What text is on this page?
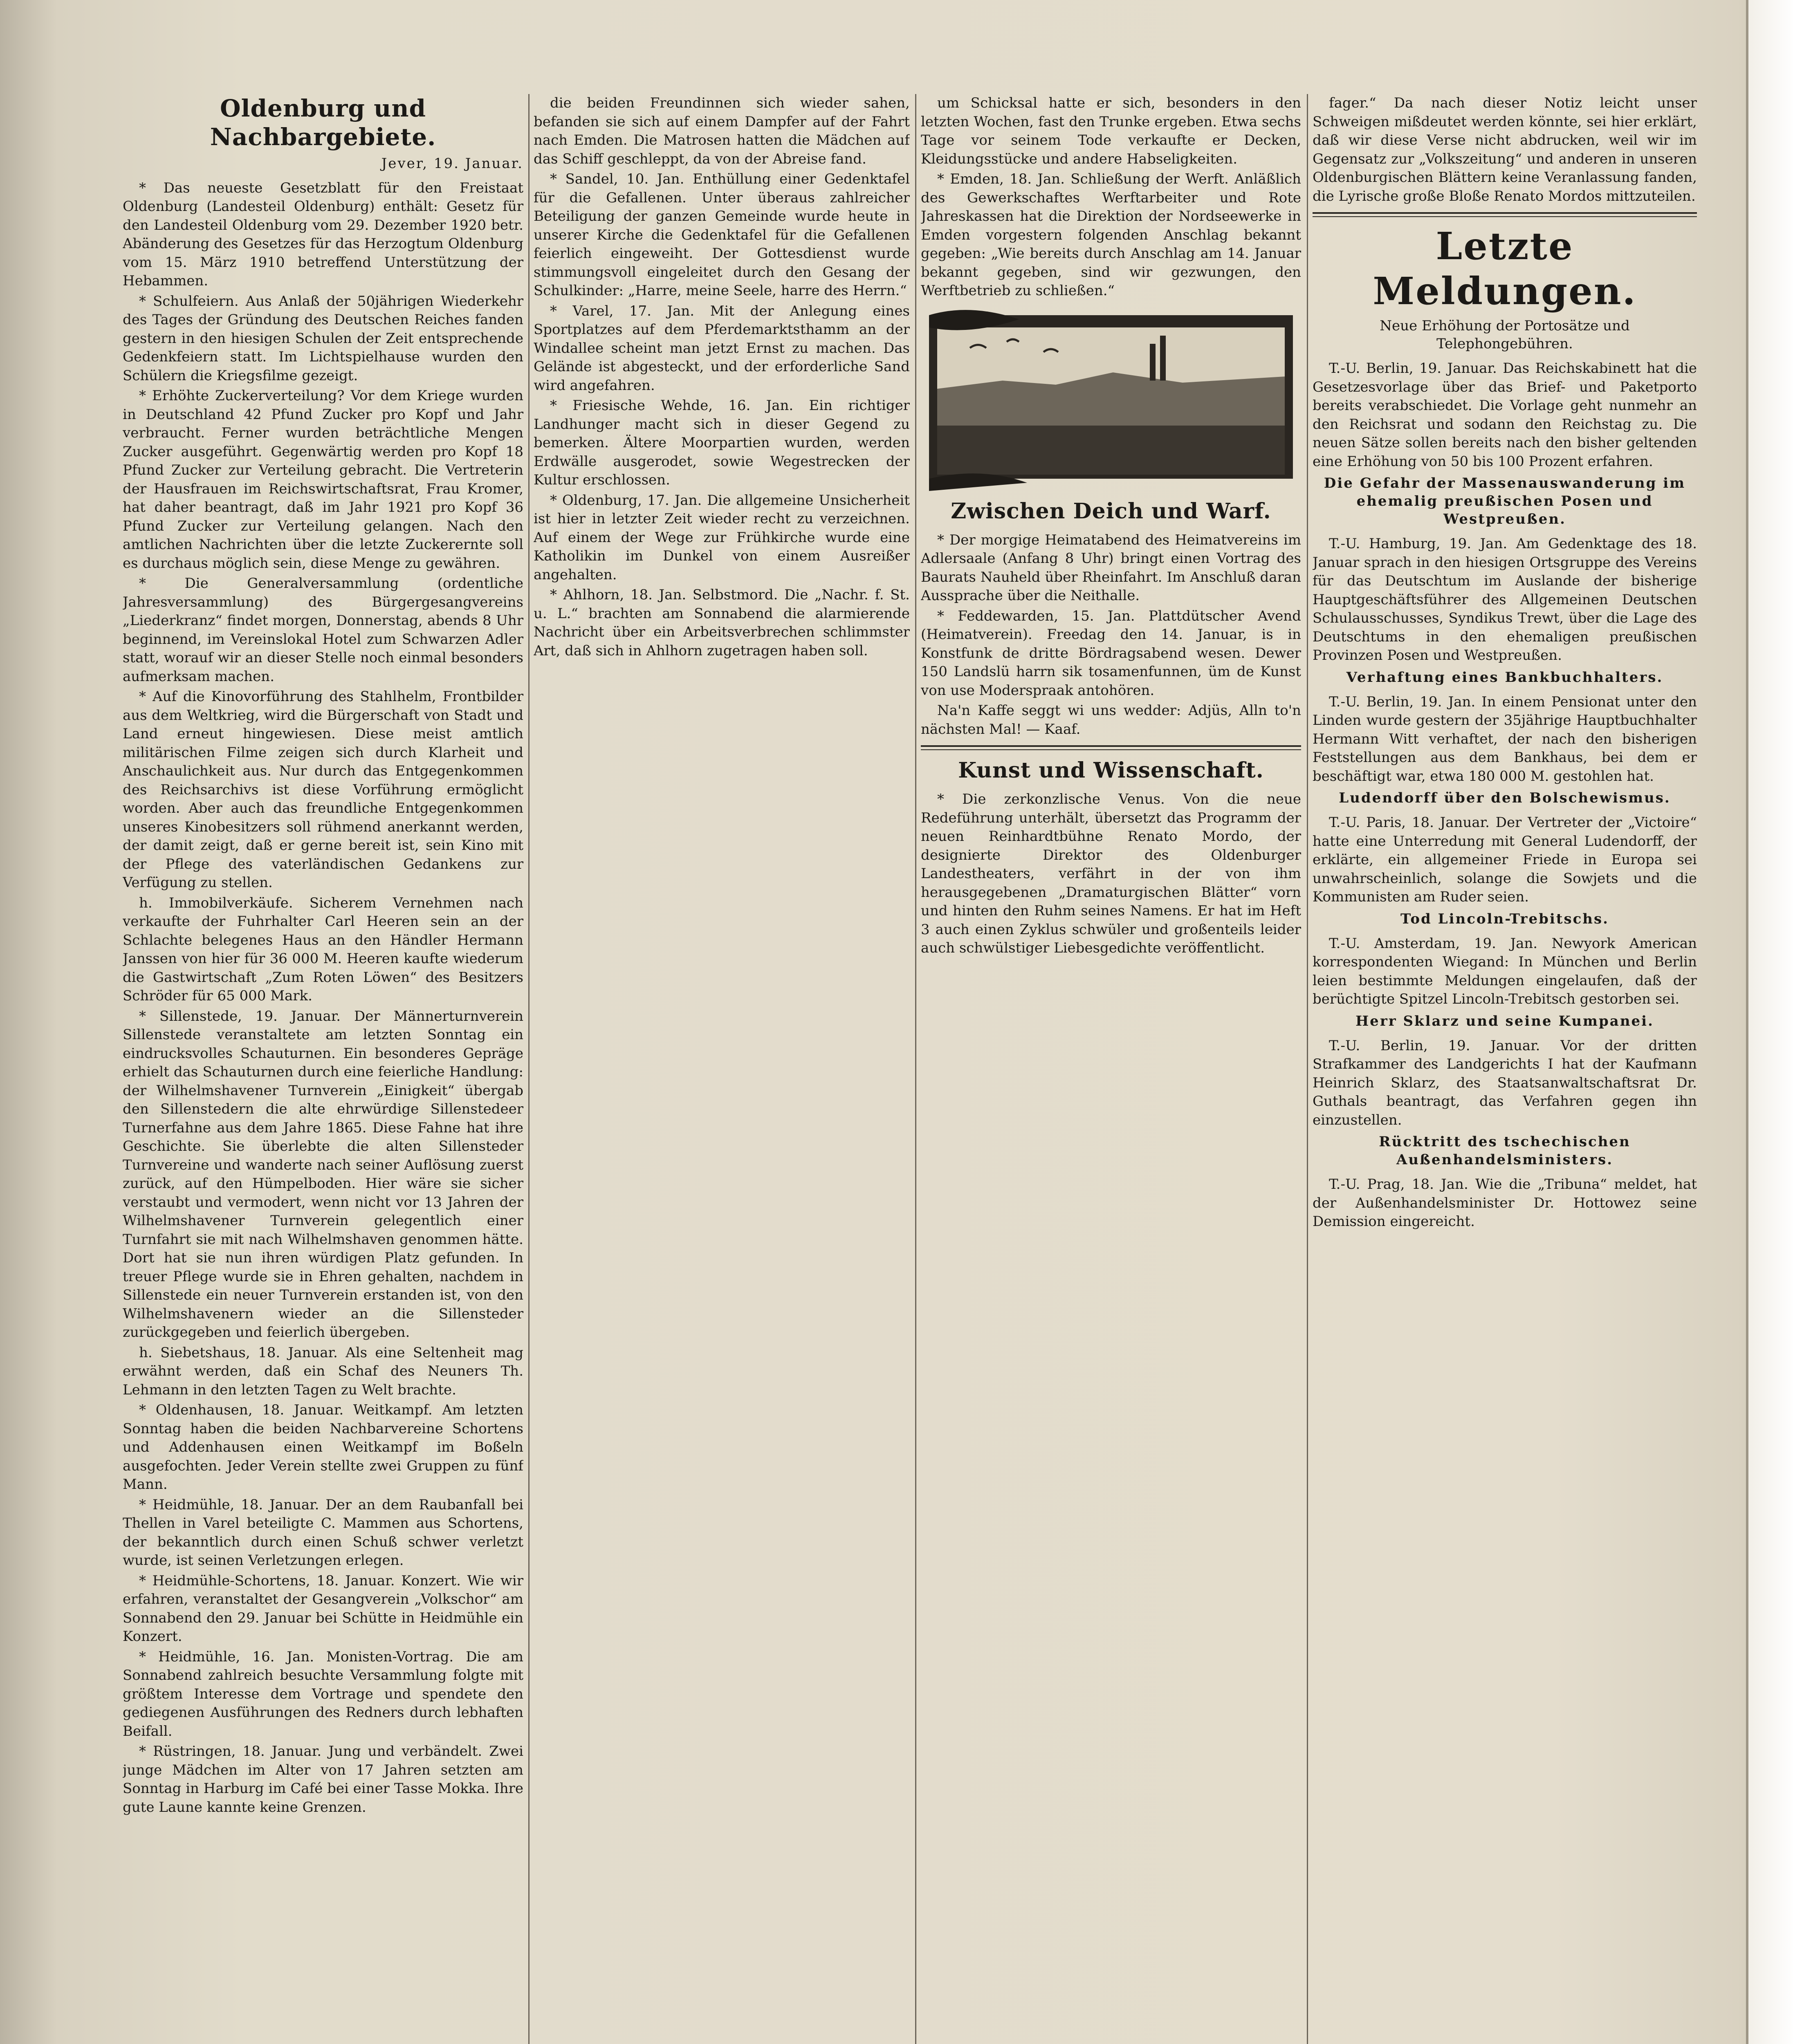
Oldenburg und Nachbargebiete.
Jever, 19. Januar.

* Das neueste Gesetzblatt für den Freistaat Oldenburg (Landesteil Oldenburg) enthält: Gesetz für den Landesteil Oldenburg vom 29. Dezember 1920 betr. Abänderung des Gesetzes für das Herzogtum Oldenburg vom 15. März 1910 betreffend Unterstützung der Hebammen.

* Schulfeiern. Aus Anlaß der 50jährigen Wiederkehr des Tages der Gründung des Deutschen Reiches fanden gestern in den hiesigen Schulen der Zeit entsprechende Gedenkfeiern statt. Im Lichtspielhause wurden den Schülern die Kriegsfilme gezeigt.

* Erhöhte Zuckerverteilung? Vor dem Kriege wurden in Deutschland 42 Pfund Zucker pro Kopf und Jahr verbraucht. Ferner wurden beträchtliche Mengen Zucker ausgeführt. Gegenwärtig werden pro Kopf 18 Pfund Zucker zur Verteilung gebracht. Die Vertreterin der Hausfrauen im Reichswirtschaftsrat, Frau Kromer, hat daher beantragt, daß im Jahr 1921 pro Kopf 36 Pfund Zucker zur Verteilung gelangen. Nach den amtlichen Nachrichten über die letzte Zuckerernte soll es durchaus möglich sein, diese Menge zu gewähren.

* Die Generalversammlung (ordentliche Jahresversammlung) des Bürgergesangvereins „Liederkranz“ findet morgen, Donnerstag, abends 8 Uhr beginnend, im Vereinslokal Hotel zum Schwarzen Adler statt, worauf wir an dieser Stelle noch einmal besonders aufmerksam machen.

* Auf die Kinovorführung des Stahlhelm, Frontbilder aus dem Weltkrieg, wird die Bürgerschaft von Stadt und Land erneut hingewiesen. Diese meist amtlich militärischen Filme zeigen sich durch Klarheit und Anschaulichkeit aus. Nur durch das Entgegenkommen des Reichsarchivs ist diese Vorführung ermöglicht worden. Aber auch das freundliche Entgegenkommen unseres Kinobesitzers soll rühmend anerkannt werden, der damit zeigt, daß er gerne bereit ist, sein Kino mit der Pflege des vaterländischen Gedankens zur Verfügung zu stellen.

h. Immobilverkäufe. Sicherem Vernehmen nach verkaufte der Fuhrhalter Carl Heeren sein an der Schlachte belegenes Haus an den Händler Hermann Janssen von hier für 36 000 M. Heeren kaufte wiederum die Gastwirtschaft „Zum Roten Löwen“ des Besitzers Schröder für 65 000 Mark.

* Sillenstede, 19. Januar. Der Männerturnverein Sillenstede veranstaltete am letzten Sonntag ein eindrucksvolles Schauturnen. Ein besonderes Gepräge erhielt das Schauturnen durch eine feierliche Handlung: der Wilhelmshavener Turnverein „Einigkeit“ übergab den Sillenstedern die alte ehrwürdige Sillenstedeer Turnerfahne aus dem Jahre 1865. Diese Fahne hat ihre Geschichte. Sie überlebte die alten Sillensteder Turnvereine und wanderte nach seiner Auflösung zuerst zurück, auf den Hümpelboden. Hier wäre sie sicher verstaubt und vermodert, wenn nicht vor 13 Jahren der Wilhelmshavener Turnverein gelegentlich einer Turnfahrt sie mit nach Wilhelmshaven genommen hätte. Dort hat sie nun ihren würdigen Platz gefunden. In treuer Pflege wurde sie in Ehren gehalten, nachdem in Sillenstede ein neuer Turnverein erstanden ist, von den Wilhelmshavenern wieder an die Sillensteder zurückgegeben und feierlich übergeben.

h. Siebetshaus, 18. Januar. Als eine Seltenheit mag erwähnt werden, daß ein Schaf des Neuners Th. Lehmann in den letzten Tagen zu Welt brachte.

* Oldenhausen, 18. Januar. Weitkampf. Am letzten Sonntag haben die beiden Nachbarvereine Schortens und Addenhausen einen Weitkampf im Boßeln ausgefochten. Jeder Verein stellte zwei Gruppen zu fünf Mann.

* Heidmühle, 18. Januar. Der an dem Raubanfall bei Thellen in Varel beteiligte C. Mammen aus Schortens, der bekanntlich durch einen Schuß schwer verletzt wurde, ist seinen Verletzungen erlegen.

* Heidmühle-Schortens, 18. Januar. Konzert. Wie wir erfahren, veranstaltet der Gesangverein „Volkschor“ am Sonnabend den 29. Januar bei Schütte in Heidmühle ein Konzert.

* Heidmühle, 16. Jan. Monisten-Vortrag. Die am Sonnabend zahlreich besuchte Versammlung folgte mit größtem Interesse dem Vortrage und spendete den gediegenen Ausführungen des Redners durch lebhaften Beifall.

* Rüstringen, 18. Januar. Jung und verbändelt. Zwei junge Mädchen im Alter von 17 Jahren setzten am Sonntag in Harburg im Café bei einer Tasse Mokka. Ihre gute Laune kannte keine Grenzen.

die beiden Freundinnen sich wieder sahen, befanden sie sich auf einem Dampfer auf der Fahrt nach Emden. Die Matrosen hatten die Mädchen auf das Schiff geschleppt, da von der Abreise fand.

* Sandel, 10. Jan. Enthüllung einer Gedenktafel für die Gefallenen. Unter überaus zahlreicher Beteiligung der ganzen Gemeinde wurde heute in unserer Kirche die Gedenktafel für die Gefallenen feierlich eingeweiht. Der Gottesdienst wurde stimmungsvoll eingeleitet durch den Gesang der Schulkinder: „Harre, meine Seele, harre des Herrn.“

* Varel, 17. Jan. Mit der Anlegung eines Sportplatzes auf dem Pferdemarktsthamm an der Windallee scheint man jetzt Ernst zu machen. Das Gelände ist abgesteckt, und der erforderliche Sand wird angefahren.

* Friesische Wehde, 16. Jan. Ein richtiger Landhunger macht sich in dieser Gegend zu bemerken. Ältere Moorpartien wurden, werden Erdwälle ausgerodet, sowie Wegestrecken der Kultur erschlossen.

* Oldenburg, 17. Jan. Die allgemeine Unsicherheit ist hier in letzter Zeit wieder recht zu verzeichnen. Auf einem der Wege zur Frühkirche wurde eine Katholikin im Dunkel von einem Ausreißer angehalten.

* Ahlhorn, 18. Jan. Selbstmord. Die „Nachr. f. St. u. L.“ brachten am Sonnabend die alarmierende Nachricht über ein Arbeitsverbrechen schlimmster Art, daß sich in Ahlhorn zugetragen haben soll.

um Schicksal hatte er sich, besonders in den letzten Wochen, fast den Trunke ergeben. Etwa sechs Tage vor seinem Tode verkaufte er Decken, Kleidungsstücke und andere Habseligkeiten.

* Emden, 18. Jan. Schließung der Werft. Anläßlich des Gewerkschaftes Werftarbeiter und Rote Jahreskassen hat die Direktion der Nordseewerke in Emden vorgestern folgenden Anschlag bekannt gegeben: „Wie bereits durch Anschlag am 14. Januar bekannt gegeben, sind wir gezwungen, den Werftbetrieb zu schließen.“

Zwischen Deich und Warf.

* Der morgige Heimatabend des Heimatvereins im Adlersaale (Anfang 8 Uhr) bringt einen Vortrag des Baurats Nauheld über Rheinfahrt. Im Anschluß daran Aussprache über die Neithalle.

* Feddewarden, 15. Jan. Plattdütscher Avend (Heimatverein). Freedag den 14. Januar, is in Konstfunk de dritte Bördragsabend wesen. Dewer 150 Landslü harrn sik tosamenfunnen, üm de Kunst von use Moderspraak antohören.

Na'n Kaffe seggt wi uns wedder: Adjüs, Alln to'n nächsten Mal! — Kaaf.

Kunst und Wissenschaft.

* Die zerkonzlische Venus. Von die neue Redeführung unterhält, übersetzt das Programm der neuen Reinhardtbühne Renato Mordo, der designierte Direktor des Oldenburger Landestheaters, verfährt in der von ihm herausgegebenen „Dramaturgischen Blätter“ vorn und hinten den Ruhm seines Namens. Er hat im Heft 3 auch einen Zyklus schwüler und großenteils leider auch schwülstiger Liebesgedichte veröffentlicht.

fager.“ Da nach dieser Notiz leicht unser Schweigen mißdeutet werden könnte, sei hier erklärt, daß wir diese Verse nicht abdrucken, weil wir im Gegensatz zur „Volkszeitung“ und anderen in unseren Oldenburgischen Blättern keine Veranlassung fanden, die Lyrische große Bloße Renato Mordos mittzuteilen.

Letzte Meldungen.
Neue Erhöhung der Portosätze und Telephongebühren.

T.-U. Berlin, 19. Januar. Das Reichskabinett hat die Gesetzesvorlage über das Brief- und Paketporto bereits verabschiedet. Die Vorlage geht nunmehr an den Reichsrat und sodann den Reichstag zu. Die neuen Sätze sollen bereits nach den bisher geltenden eine Erhöhung von 50 bis 100 Prozent erfahren.

Die Gefahr der Massenauswanderung im ehemalig preußischen Posen und Westpreußen.

T.-U. Hamburg, 19. Jan. Am Gedenktage des 18. Januar sprach in den hiesigen Ortsgruppe des Vereins für das Deutschtum im Auslande der bisherige Hauptgeschäftsführer des Allgemeinen Deutschen Schulausschusses, Syndikus Trewt, über die Lage des Deutschtums in den ehemaligen preußischen Provinzen Posen und Westpreußen.

Verhaftung eines Bankbuchhalters.

T.-U. Berlin, 19. Jan. In einem Pensionat unter den Linden wurde gestern der 35jährige Hauptbuchhalter Hermann Witt verhaftet, der nach den bisherigen Feststellungen aus dem Bankhaus, bei dem er beschäftigt war, etwa 180 000 M. gestohlen hat.

Ludendorff über den Bolschewismus.

T.-U. Paris, 18. Januar. Der Vertreter der „Victoire“ hatte eine Unterredung mit General Ludendorff, der erklärte, ein allgemeiner Friede in Europa sei unwahrscheinlich, solange die Sowjets und die Kommunisten am Ruder seien.

Tod Lincoln-Trebitschs.

T.-U. Amsterdam, 19. Jan. Newyork American korrespondenten Wiegand: In München und Berlin leien bestimmte Meldungen eingelaufen, daß der berüchtigte Spitzel Lincoln-Trebitsch gestorben sei.

Herr Sklarz und seine Kumpanei.

T.-U. Berlin, 19. Januar. Vor der dritten Strafkammer des Landgerichts I hat der Kaufmann Heinrich Sklarz, des Staatsanwaltschaftsrat Dr. Guthals beantragt, das Verfahren gegen ihn einzustellen.

Rücktritt des tschechischen Außenhandelsministers.

T.-U. Prag, 18. Jan. Wie die „Tribuna“ meldet, hat der Außenhandelsminister Dr. Hottowez seine Demission eingereicht.
